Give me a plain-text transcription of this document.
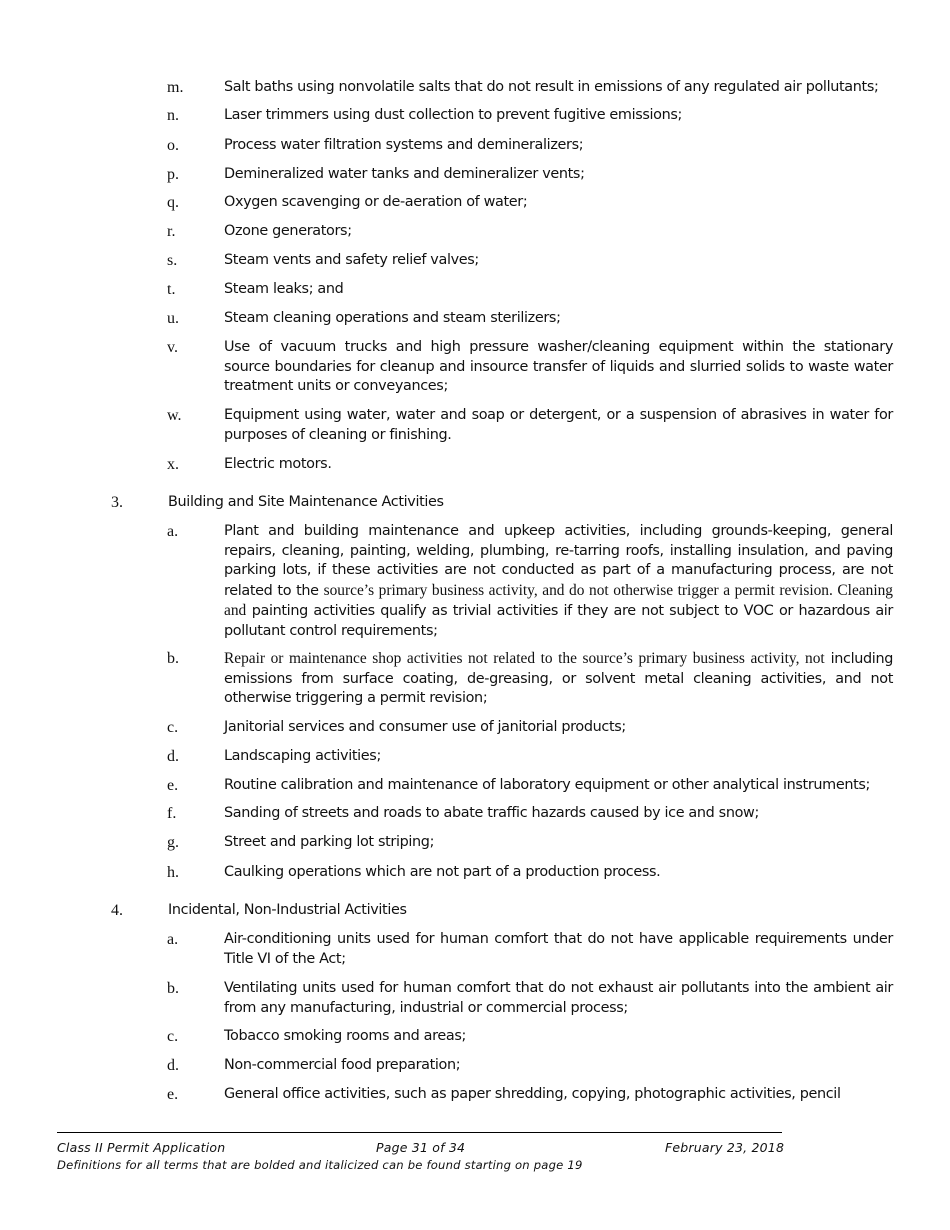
m.	Salt baths using nonvolatile salts that do not result in emissions of any regulated air pollutants;
n.	Laser trimmers using dust collection to prevent fugitive emissions;
o.	Process water filtration systems and demineralizers;
p.	Demineralized water tanks and demineralizer vents;
q.	Oxygen scavenging or de-aeration of water;
r.	Ozone generators;
s.	Steam vents and safety relief valves;
t.	Steam leaks; and
u.	Steam cleaning operations and steam sterilizers;
v.	Use of vacuum trucks and high pressure washer/cleaning equipment within the stationary source boundaries for cleanup and insource transfer of liquids and slurried solids to waste water treatment units or conveyances;
w.	Equipment using water, water and soap or detergent, or a suspension of abrasives in water for purposes of cleaning or finishing.
x.	Electric motors.
3.	Building and Site Maintenance Activities
a.	Plant and building maintenance and upkeep activities, including grounds-keeping, general repairs, cleaning, painting, welding, plumbing, re-tarring roofs, installing insulation, and paving parking lots, if these activities are not conducted as part of a manufacturing process, are not related to the source’s primary business activity, and do not otherwise trigger a permit revision. Cleaning and painting activities qualify as trivial activities if they are not subject to VOC or hazardous air pollutant control requirements;
b.	Repair or maintenance shop activities not related to the source’s primary business activity, not including emissions from surface coating, de-greasing, or solvent metal cleaning activities, and not otherwise triggering a permit revision;
c.	Janitorial services and consumer use of janitorial products;
d.	Landscaping activities;
e.	Routine calibration and maintenance of laboratory equipment or other analytical instruments;
f.	Sanding of streets and roads to abate traffic hazards caused by ice and snow;
g.	Street and parking lot striping;
h.	Caulking operations which are not part of a production process.
4.	Incidental, Non-Industrial Activities
a.	Air-conditioning units used for human comfort that do not have applicable requirements under Title VI of the Act;
b.	Ventilating units used for human comfort that do not exhaust air pollutants into the ambient air from any manufacturing, industrial or commercial process;
c.	Tobacco smoking rooms and areas;
d.	Non-commercial food preparation;
e.	General office activities, such as paper shredding, copying, photographic activities, pencil
Class II Permit Application	Page 31 of 34	February 23, 2018
Definitions for all terms that are bolded and italicized can be found starting on page 19
